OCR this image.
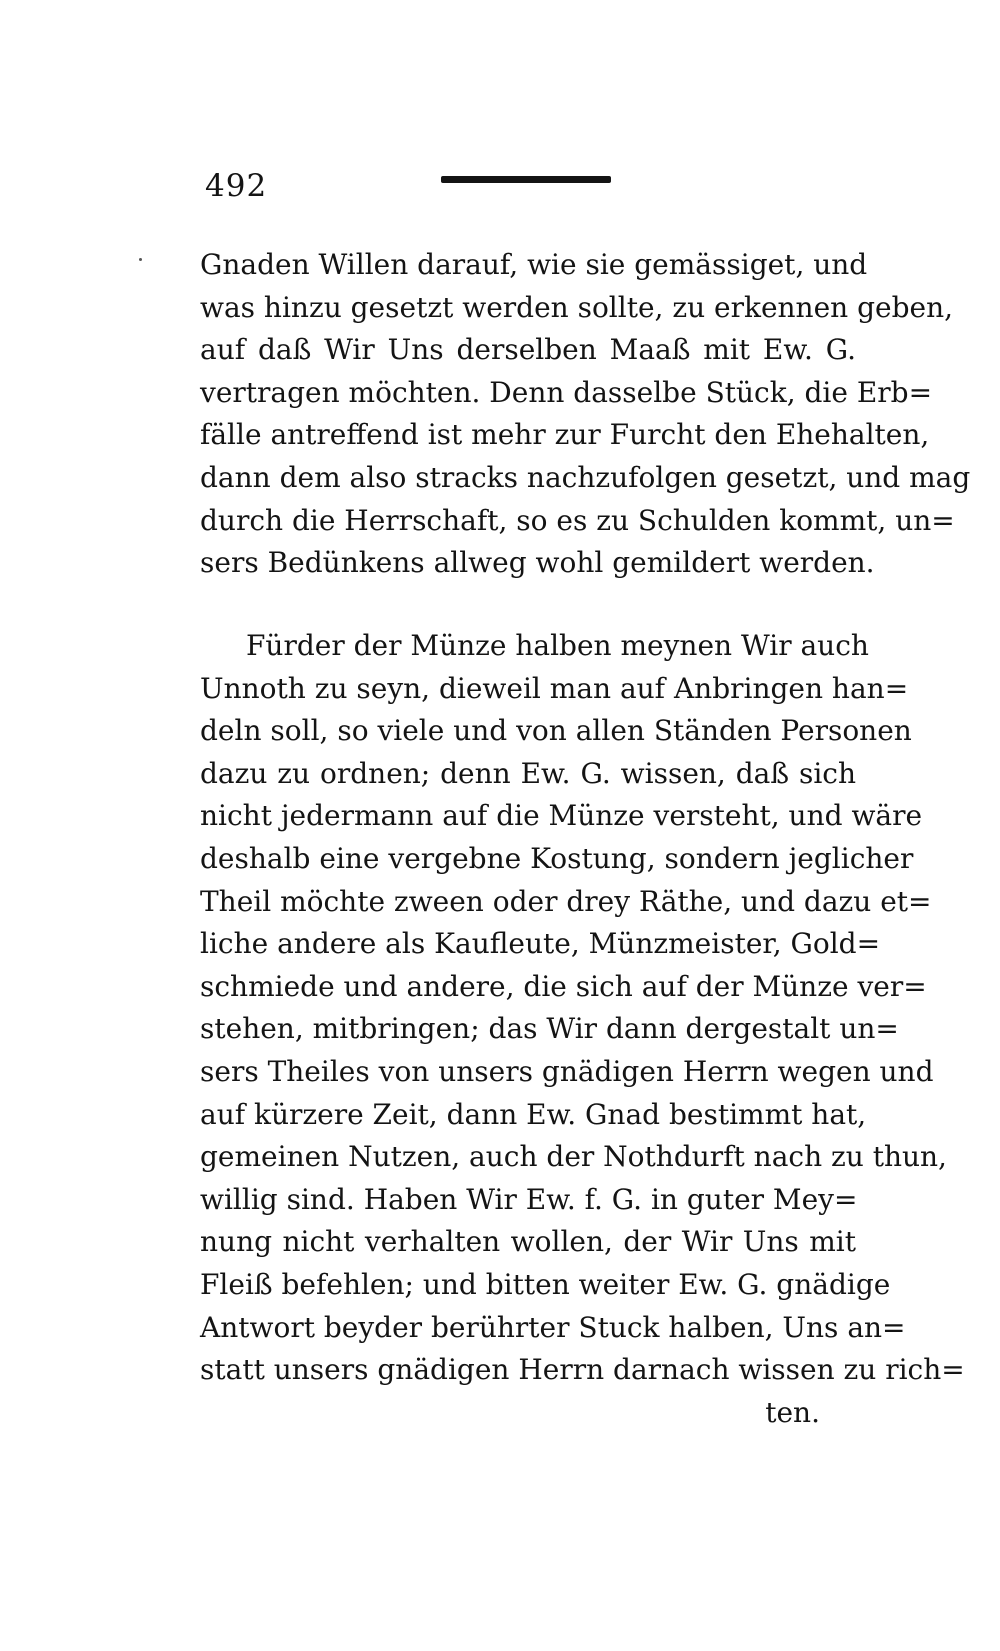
492
Gnaden Willen darauf, wie sie gemässiget, und
was hinzu gesetzt werden sollte, zu erkennen geben,
auf daß Wir Uns derselben Maaß mit Ew. G.
vertragen möchten. Denn dasselbe Stück, die Erb=
fälle antreffend ist mehr zur Furcht den Ehehalten,
dann dem also stracks nachzufolgen gesetzt, und mag
durch die Herrschaft, so es zu Schulden kommt, un=
sers Bedünkens allweg wohl gemildert werden.
Fürder der Münze halben meynen Wir auch
Unnoth zu seyn, dieweil man auf Anbringen han=
deln soll, so viele und von allen Ständen Personen
dazu zu ordnen; denn Ew. G. wissen, daß sich
nicht jedermann auf die Münze versteht, und wäre
deshalb eine vergebne Kostung, sondern jeglicher
Theil möchte zween oder drey Räthe, und dazu et=
liche andere als Kaufleute, Münzmeister, Gold=
schmiede und andere, die sich auf der Münze ver=
stehen, mitbringen; das Wir dann dergestalt un=
sers Theiles von unsers gnädigen Herrn wegen und
auf kürzere Zeit, dann Ew. Gnad bestimmt hat,
gemeinen Nutzen, auch der Nothdurft nach zu thun,
willig sind. Haben Wir Ew. f. G. in guter Mey=
nung nicht verhalten wollen, der Wir Uns mit
Fleiß befehlen; und bitten weiter Ew. G. gnädige
Antwort beyder berührter Stuck halben, Uns an=
statt unsers gnädigen Herrn darnach wissen zu rich=
ten.
